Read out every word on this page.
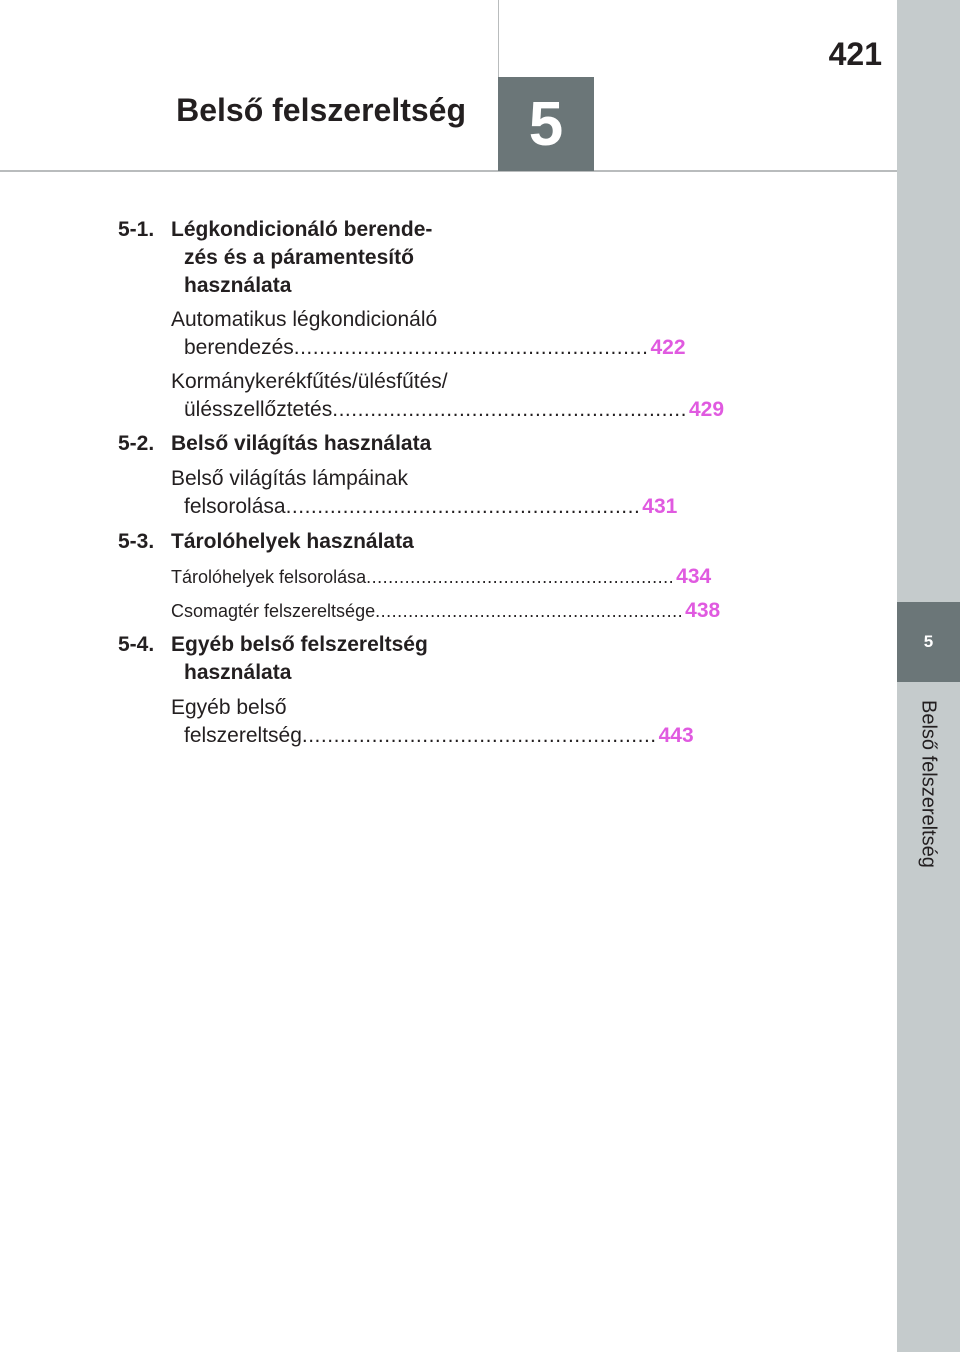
Belső felszereltség	5
421
5
Belső felszereltség
5-1. Légkondicionáló berende-
zés és a páramentesítő
használata
Automatikus légkondicionáló
berendezés ........................................................ 422
Kormánykerékfűtés/ülésfűtés/
ülésszellőztetés ........................................................ 429
5-2. Belső világítás használata
Belső világítás lámpáinak
felsorolása ........................................................ 431
5-3. Tárolóhelyek használata
Tárolóhelyek felsorolása ........................................................ 434
Csomagtér felszereltsége ........................................................ 438
5-4. Egyéb belső felszereltség
használata
Egyéb belső
felszereltség ........................................................ 443
